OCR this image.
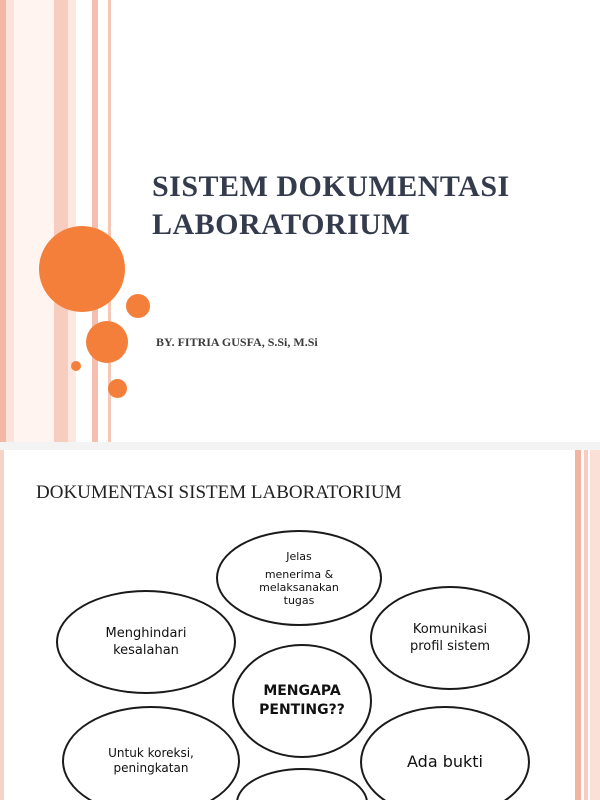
SISTEM DOKUMENTASI
LABORATORIUM
BY. FITRIA GUSFA, S.Si, M.Si
DOKUMENTASI SISTEM LABORATORIUM
Jelas
menerima &
melaksanakan
tugas
Menghindari
kesalahan
Komunikasi
profil sistem
MENGAPA
PENTING??
Untuk koreksi,
peningkatan	Ada bukti
